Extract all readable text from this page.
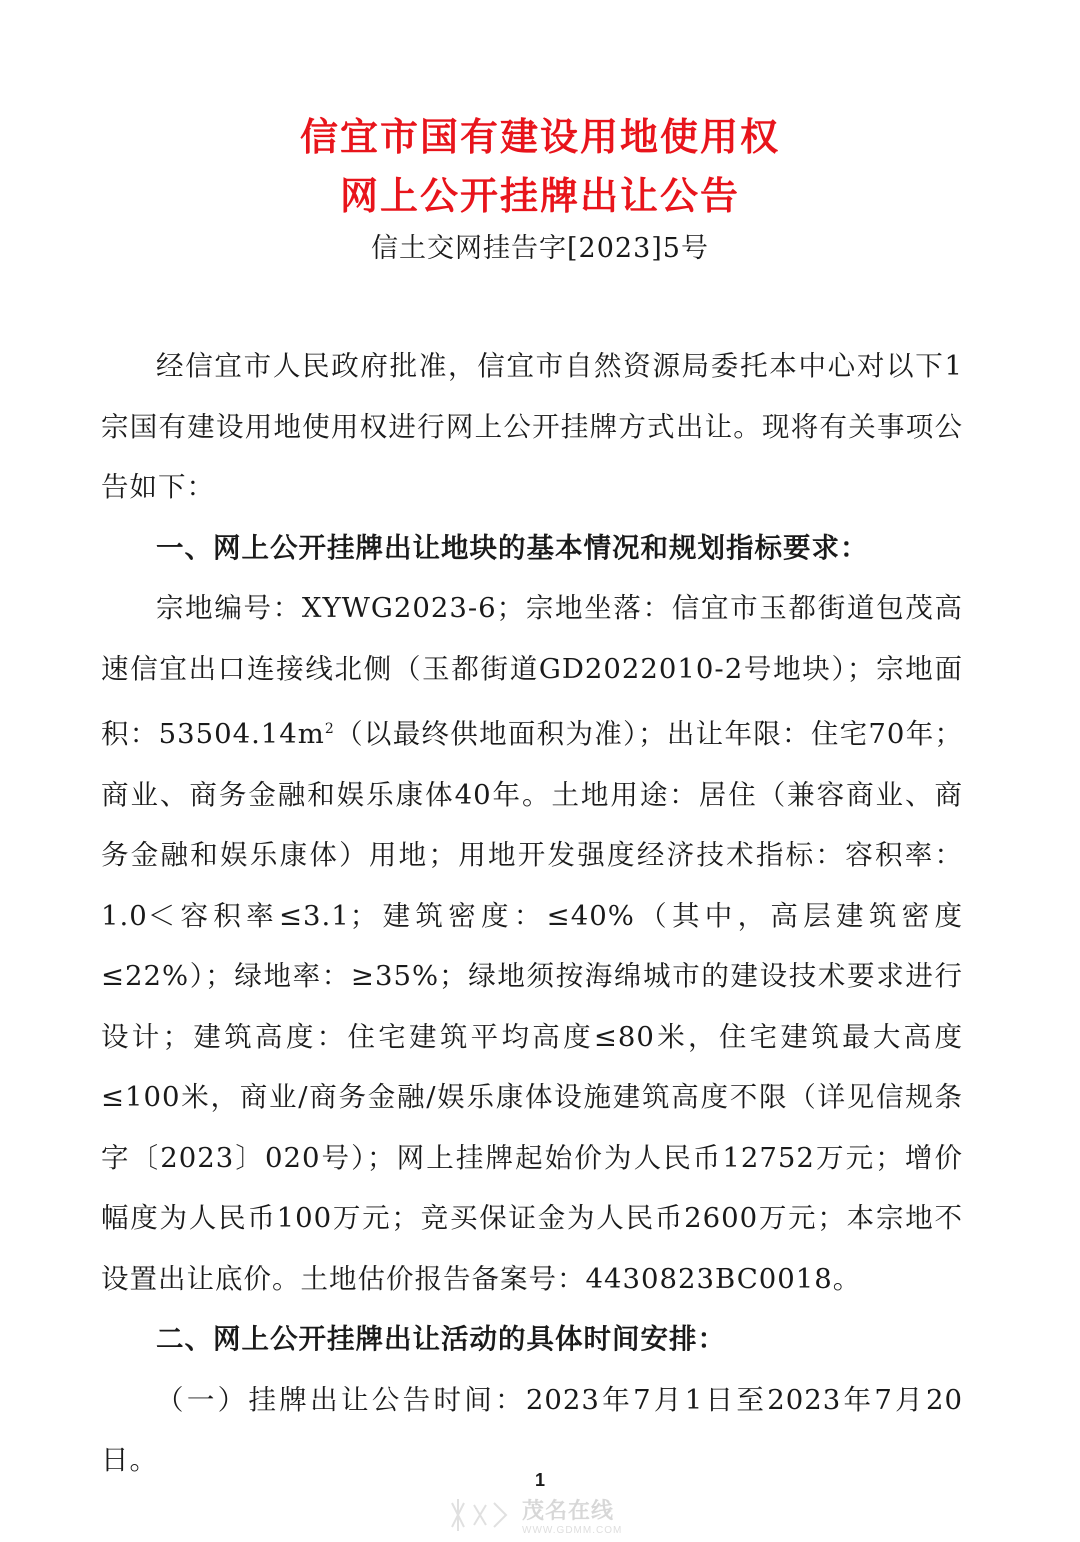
信宜市国有建设用地使用权
网上公开挂牌出让公告
信土交网挂告字[2023]5号

经信宜市人民政府批准，信宜市自然资源局委托本中心对以下1宗国有建设用地使用权进行网上公开挂牌方式出让。现将有关事项公告如下：

一、网上公开挂牌出让地块的基本情况和规划指标要求：

宗地编号：XYWG2023-6；宗地坐落：信宜市玉都街道包茂高速信宜出口连接线北侧（玉都街道GD2022010-2号地块）；宗地面积：$53504.14m^2$（以最终供地面积为准）；出让年限：住宅70年；商业、商务金融和娱乐康体40年。土地用途：居住（兼容商业、商务金融和娱乐康体）用地；用地开发强度经济技术指标：容积率：1.0＜容积率≤3.1；建筑密度：≤40%（其中，高层建筑密度≤22%）；绿地率：≥35%；绿地须按海绵城市的建设技术要求进行设计；建筑高度：住宅建筑平均高度≤80米，住宅建筑最大高度≤100米，商业/商务金融/娱乐康体设施建筑高度不限（详见信规条字〔2023〕020号）；网上挂牌起始价为人民币12752万元；增价幅度为人民币100万元；竞买保证金为人民币2600万元；本宗地不设置出让底价。土地估价报告备案号：4430823BC0018。

二、网上公开挂牌出让活动的具体时间安排：

（一）挂牌出让公告时间：2023年7月1日至2023年7月20日。

1
茂名在线
WWW.GDMM.COM
